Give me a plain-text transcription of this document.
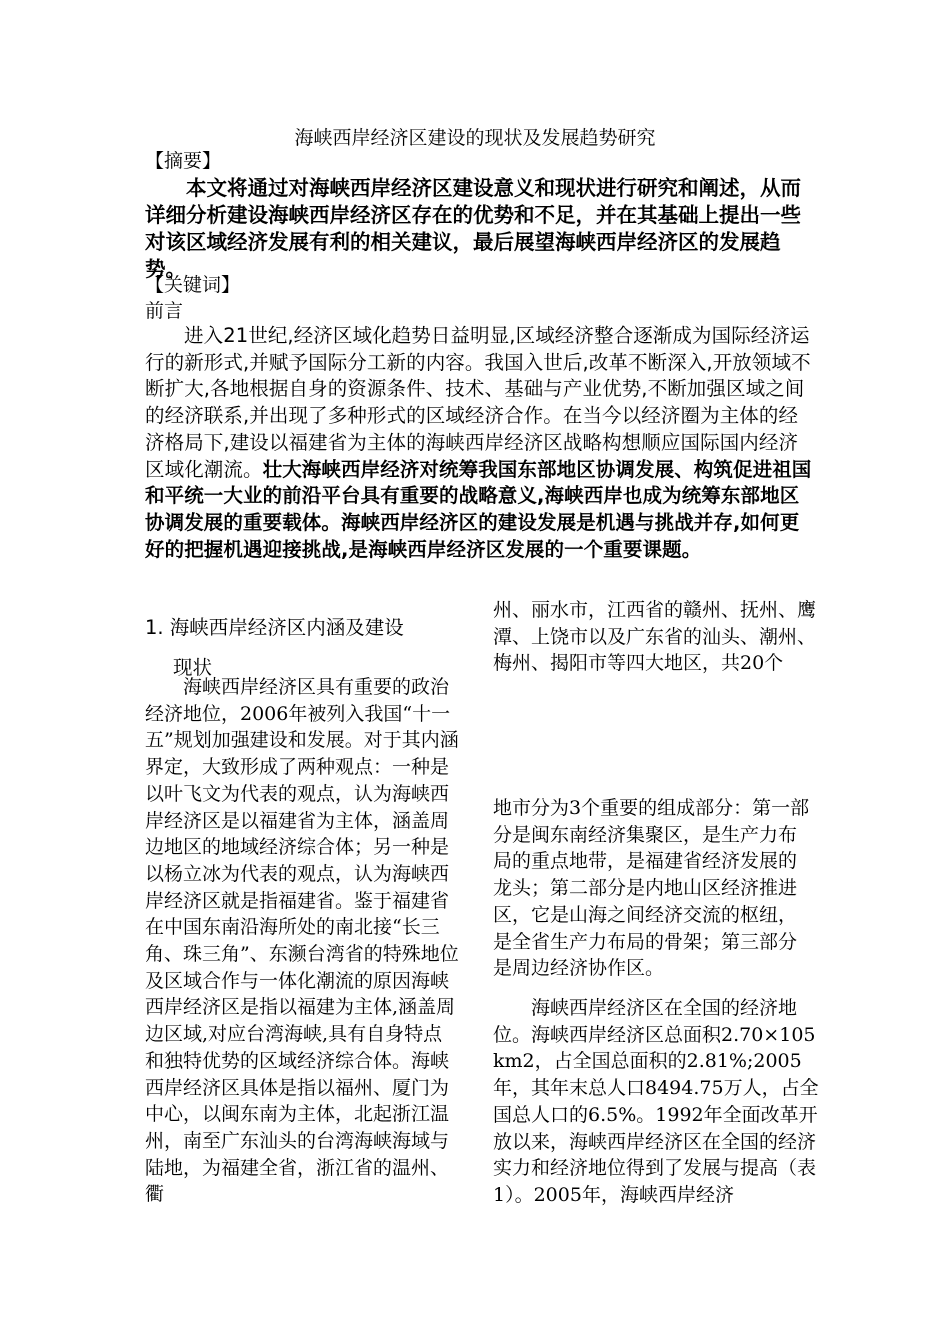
海峡西岸经济区建设的现状及发展趋势研究
【摘要】

本文将通过对海峡西岸经济区建设意义和现状进行研究和阐述，从而详细分析建设海峡西岸经济区存在的优势和不足，并在其基础上提出一些对该区域经济发展有利的相关建议，最后展望海峡西岸经济区的发展趋势。

【关键词】
前言

进入21世纪,经济区域化趋势日益明显,区域经济整合逐渐成为国际经济运行的新形式,并赋予国际分工新的内容。我国入世后,改革不断深入,开放领域不断扩大,各地根据自身的资源条件、技术、基础与产业优势,不断加强区域之间的经济联系,并出现了多种形式的区域经济合作。在当今以经济圈为主体的经济格局下,建设以福建省为主体的海峡西岸经济区战略构想顺应国际国内经济区域化潮流。壮大海峡西岸经济对统筹我国东部地区协调发展、构筑促进祖国和平统一大业的前沿平台具有重要的战略意义,海峡西岸也成为统筹东部地区协调发展的重要载体。海峡西岸经济区的建设发展是机遇与挑战并存,如何更好的把握机遇迎接挑战,是海峡西岸经济区发展的一个重要课题。

1. 海峡西岸经济区内涵及建设
现状

海峡西岸经济区具有重要的政治经济地位，2006年被列入我国“十一五”规划加强建设和发展。对于其内涵界定，大致形成了两种观点：一种是以叶飞文为代表的观点，认为海峡西岸经济区是以福建省为主体，涵盖周边地区的地域经济综合体；另一种是以杨立冰为代表的观点，认为海峡西岸经济区就是指福建省。鉴于福建省在中国东南沿海所处的南北接“长三角、珠三角”、东濒台湾省的特殊地位及区域合作与一体化潮流的原因海峡西岸经济区是指以福建为主体,涵盖周边区域,对应台湾海峡,具有自身特点和独特优势的区域经济综合体。海峡西岸经济区具体是指以福州、厦门为中心，以闽东南为主体，北起浙江温州，南至广东汕头的台湾海峡海域与陆地，为福建全省，浙江省的温州、衢

州、丽水市，江西省的赣州、抚州、鹰潭、上饶市以及广东省的汕头、潮州、梅州、揭阳市等四大地区，共20个

地市分为3个重要的组成部分：第一部分是闽东南经济集聚区，是生产力布局的重点地带，是福建省经济发展的龙头；第二部分是内地山区经济推进区，它是山海之间经济交流的枢纽，是全省生产力布局的骨架；第三部分是周边经济协作区。

海峡西岸经济区在全国的经济地位。海峡西岸经济区总面积2.70×105 km2，占全国总面积的2.81%;2005年，其年末总人口8494.75万人，占全国总人口的6.5%。1992年全面改革开放以来，海峡西岸经济区在全国的经济实力和经济地位得到了发展与提高（表1）。2005年，海峡西岸经济
